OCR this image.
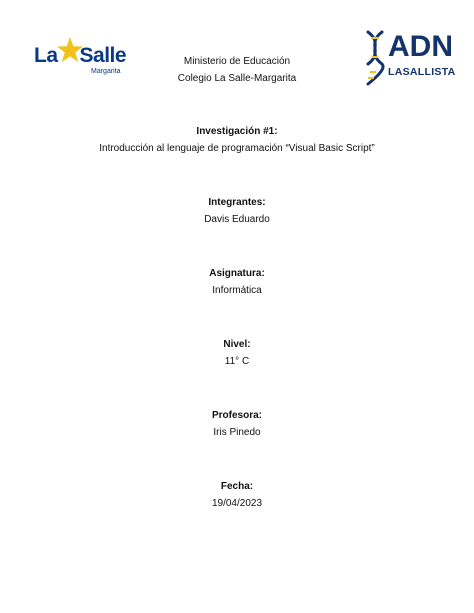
La Salle
Margarita
ADN
LASALLISTA
Ministerio de Educación
Colegio La Salle-Margarita
Investigación #1:
Introducción al lenguaje de programación “Visual Basic Script”
Integrantes:
Davis Eduardo
Asignatura:
Informática
Nivel:
11° C
Profesora:
Iris Pinedo
Fecha:
19/04/2023
